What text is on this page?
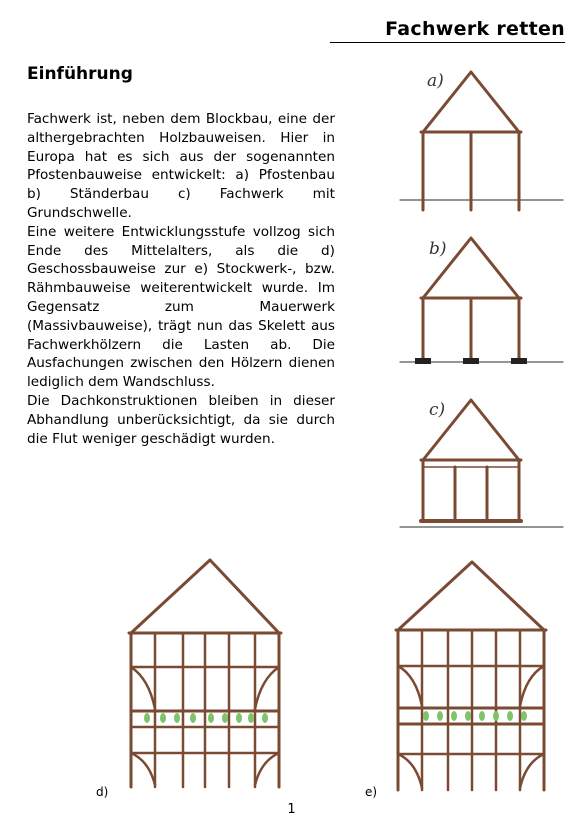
Fachwerk retten
Einführung

Fachwerk ist, neben dem Blockbau, eine der althergebrachten Holzbauweisen. Hier in Europa hat es sich aus der sogenannten Pfostenbauweise entwickelt: a) Pfostenbau b) Ständerbau c) Fachwerk mit Grundschwelle.

Eine weitere Entwicklungsstufe vollzog sich Ende des Mittelalters, als die d) Geschossbauweise zur e) Stockwerk-, bzw. Rähmbauweise weiterentwickelt wurde. Im Gegensatz zum Mauerwerk (Massivbauweise), trägt nun das Skelett aus Fachwerkhölzern die Lasten ab. Die Ausfachungen zwischen den Hölzern dienen lediglich dem Wandschluss.

Die Dachkonstruktionen bleiben in dieser Abhandlung unberücksichtigt, da sie durch die Flut weniger geschädigt wurden.

a)
b)
c)
d)	e)
1
